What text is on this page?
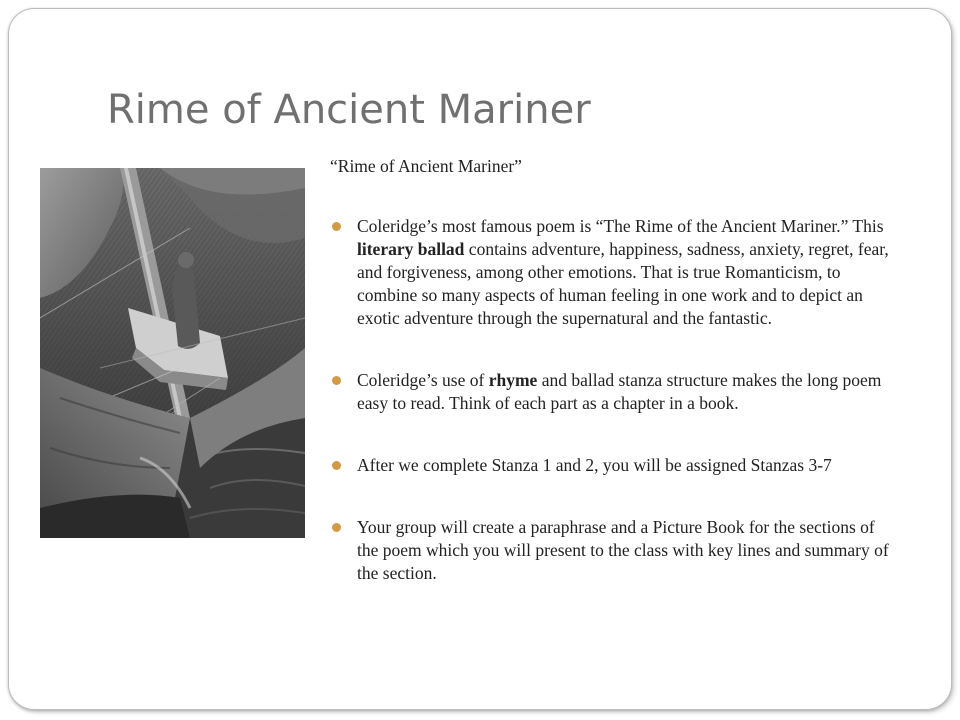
Rime of Ancient Mariner

“Rime of Ancient Mariner”

Coleridge’s most famous poem is “The Rime of the Ancient Mariner.” This literary ballad contains adventure, happiness, sadness, anxiety, regret, fear, and forgiveness, among other emotions. That is true Romanticism, to combine so many aspects of human feeling in one work and to depict an exotic adventure through the supernatural and the fantastic.
Coleridge’s use of rhyme and ballad stanza structure makes the long poem easy to read. Think of each part as a chapter in a book.
After we complete Stanza 1 and 2, you will be assigned Stanzas 3-7
Your group will create a paraphrase and a Picture Book for the sections of the poem which you will present to the class with key lines and summary of the section.
